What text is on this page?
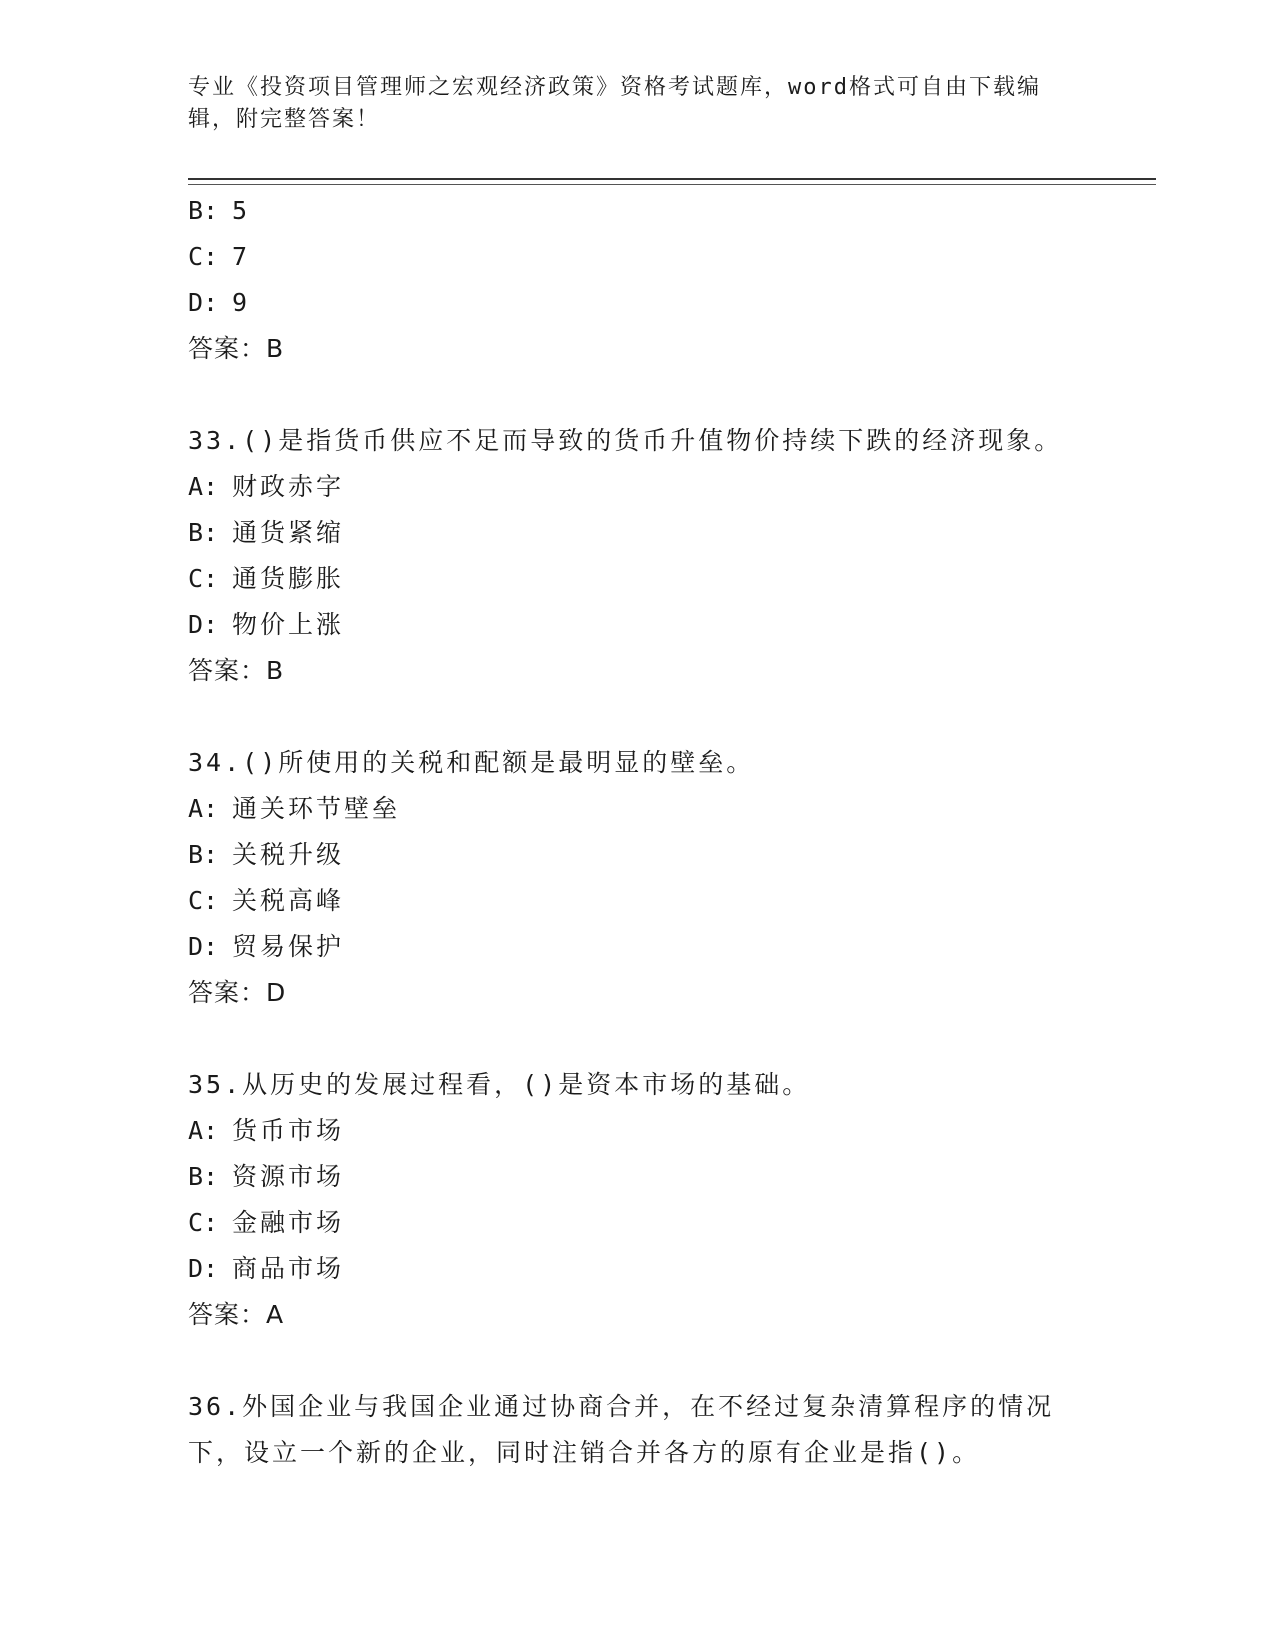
专业《投资项目管理师之宏观经济政策》资格考试题库，word格式可自由下载编辑，附完整答案！
B: 5
C: 7
D: 9
答案：B
33.()是指货币供应不足而导致的货币升值物价持续下跌的经济现象。
A: 财政赤字
B: 通货紧缩
C: 通货膨胀
D: 物价上涨
答案：B
34.()所使用的关税和配额是最明显的壁垒。
A: 通关环节壁垒
B: 关税升级
C: 关税高峰
D: 贸易保护
答案：D
35.从历史的发展过程看，()是资本市场的基础。
A: 货币市场
B: 资源市场
C: 金融市场
D: 商品市场
答案：A
36.外国企业与我国企业通过协商合并，在不经过复杂清算程序的情况下，设立一个新的企业，同时注销合并各方的原有企业是指()。
